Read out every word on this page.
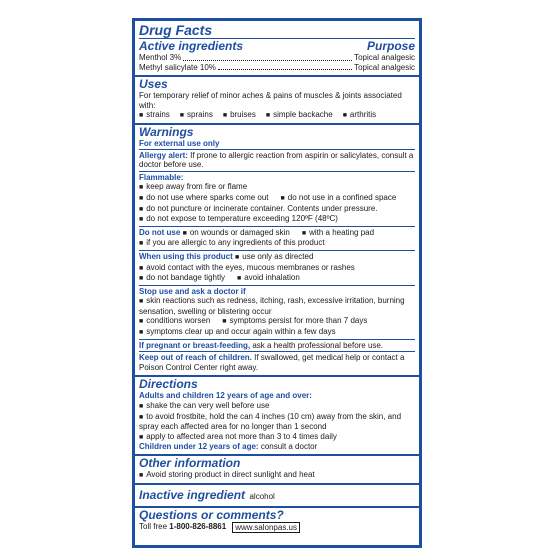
Drug Facts
Active ingredients	Purpose
Menthol 3%	Topical analgesic
Methyl salicylate 10%	Topical analgesic
Uses
For temporary relief of minor aches & pains of muscles & joints associated with:
■ strains	■ sprains	■ bruises	■ simple backache	■ arthritis
Warnings
For external use only
Allergy alert: If prone to allergic reaction from aspirin or salicylates, consult a doctor before use.
Flammable:
■ keep away from fire or flame
■ do not use where sparks come out	■ do not use in a confined space
■ do not puncture or incinerate container. Contents under pressure.
■ do not expose to temperature exceeding 120ºF (48ºC)
Do not use ■ on wounds or damaged skin	■ with a heating pad
■ if you are allergic to any ingredients of this product
When using this product ■ use only as directed
■ avoid contact with the eyes, mucous membranes or rashes
■ do not bandage tightly	■ avoid inhalation
Stop use and ask a doctor if
■ skin reactions such as redness, itching, rash, excessive irritation, burning sensation, swelling or blistering occur
■ conditions worsen	■ symptoms persist for more than 7 days
■ symptoms clear up and occur again within a few days
If pregnant or breast-feeding, ask a health professional before use.
Keep out of reach of children. If swallowed, get medical help or contact a Poison Control Center right away.
Directions
Adults and children 12 years of age and over:
■ shake the can very well before use
■ to avoid frostbite, hold the can 4 inches (10 cm) away from the skin, and spray each affected area for no longer than 1 second
■ apply to affected area not more than 3 to 4 times daily
Children under 12 years of age: consult a doctor
Other information
■ Avoid storing product in direct sunlight and heat
Inactive ingredient alcohol
Questions or comments?
Toll free 1-800-826-8861	www.salonpas.us
